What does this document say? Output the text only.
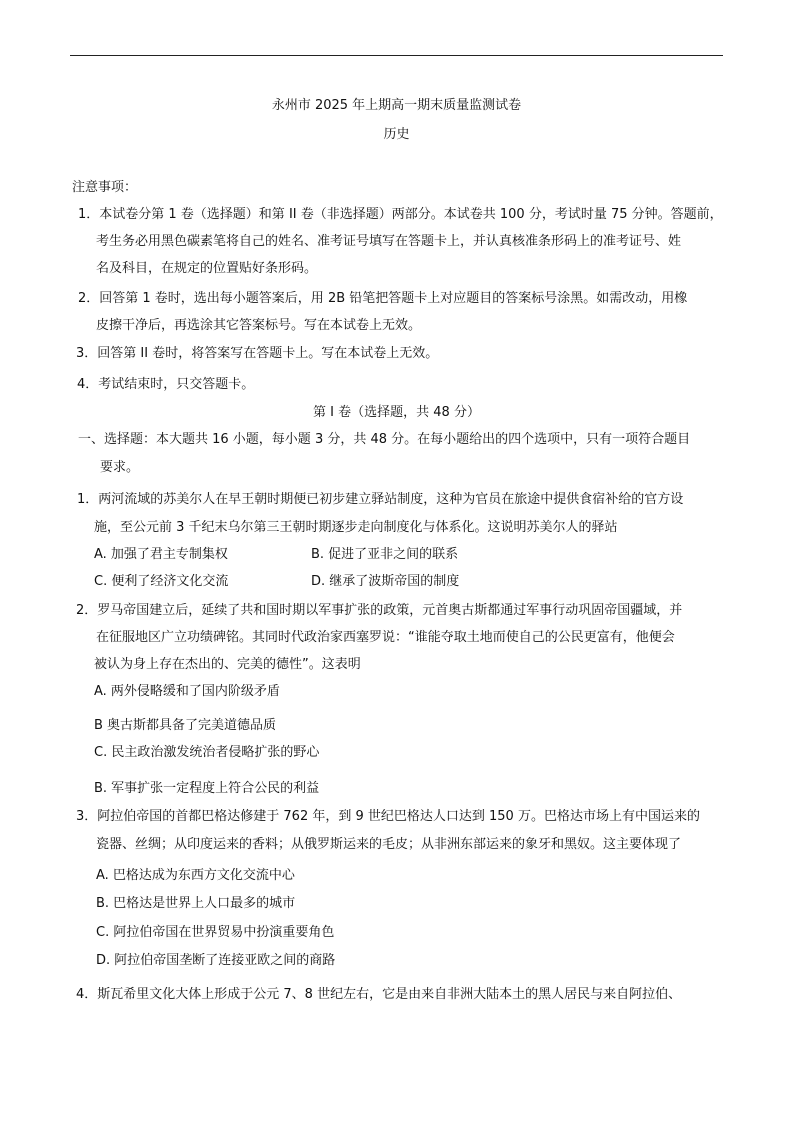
永州市 2025 年上期高一期末质量监测试卷
历史
注意事项：
1．本试卷分第 1 卷（选择题）和第 II 卷（非选择题）两部分。本试卷共 100 分，考试时量 75 分钟。答题前，
考生务必用黑色碳素笔将自己的姓名、准考证号填写在答题卡上，并认真核准条形码上的准考证号、姓
名及科目，在规定的位置贴好条形码。
2．回答第 1 卷时，选出每小题答案后，用 2B 铅笔把答题卡上对应题目的答案标号涂黑。如需改动，用橡
皮擦干净后，再选涂其它答案标号。写在本试卷上无效。
3．回答第 II 卷时，将答案写在答题卡上。写在本试卷上无效。
4．考试结束时，只交答题卡。
第 I 卷（选择题，共 48 分）
一、选择题：本大题共 16 小题，每小题 3 分，共 48 分。在每小题给出的四个选项中，只有一项符合题目
要求。
1．两河流域的苏美尔人在早王朝时期便已初步建立驿站制度，这种为官员在旅途中提供食宿补给的官方设
施，至公元前 3 千纪末乌尔第三王朝时期逐步走向制度化与体系化。这说明苏美尔人的驿站
A. 加强了君主专制集权	B. 促进了亚非之间的联系
C. 便利了经济文化交流	D. 继承了波斯帝国的制度
2．罗马帝国建立后，延续了共和国时期以军事扩张的政策，元首奥古斯都通过军事行动巩固帝国疆域，并
在征服地区广立功绩碑铭。其同时代政治家西塞罗说：“谁能夺取土地而使自己的公民更富有，他便会
被认为身上存在杰出的、完美的德性”。这表明
A. 两外侵略缓和了国内阶级矛盾
B 奥古斯都具备了完美道德品质
C. 民主政治激发统治者侵略扩张的野心
B. 军事扩张一定程度上符合公民的利益
3．阿拉伯帝国的首都巴格达修建于 762 年，到 9 世纪巴格达人口达到 150 万。巴格达市场上有中国运来的
瓷器、丝绸；从印度运来的香料；从俄罗斯运来的毛皮；从非洲东部运来的象牙和黑奴。这主要体现了
A. 巴格达成为东西方文化交流中心
B. 巴格达是世界上人口最多的城市
C. 阿拉伯帝国在世界贸易中扮演重要角色
D. 阿拉伯帝国垄断了连接亚欧之间的商路
4．斯瓦希里文化大体上形成于公元 7、8 世纪左右，它是由来自非洲大陆本土的黑人居民与来自阿拉伯、
